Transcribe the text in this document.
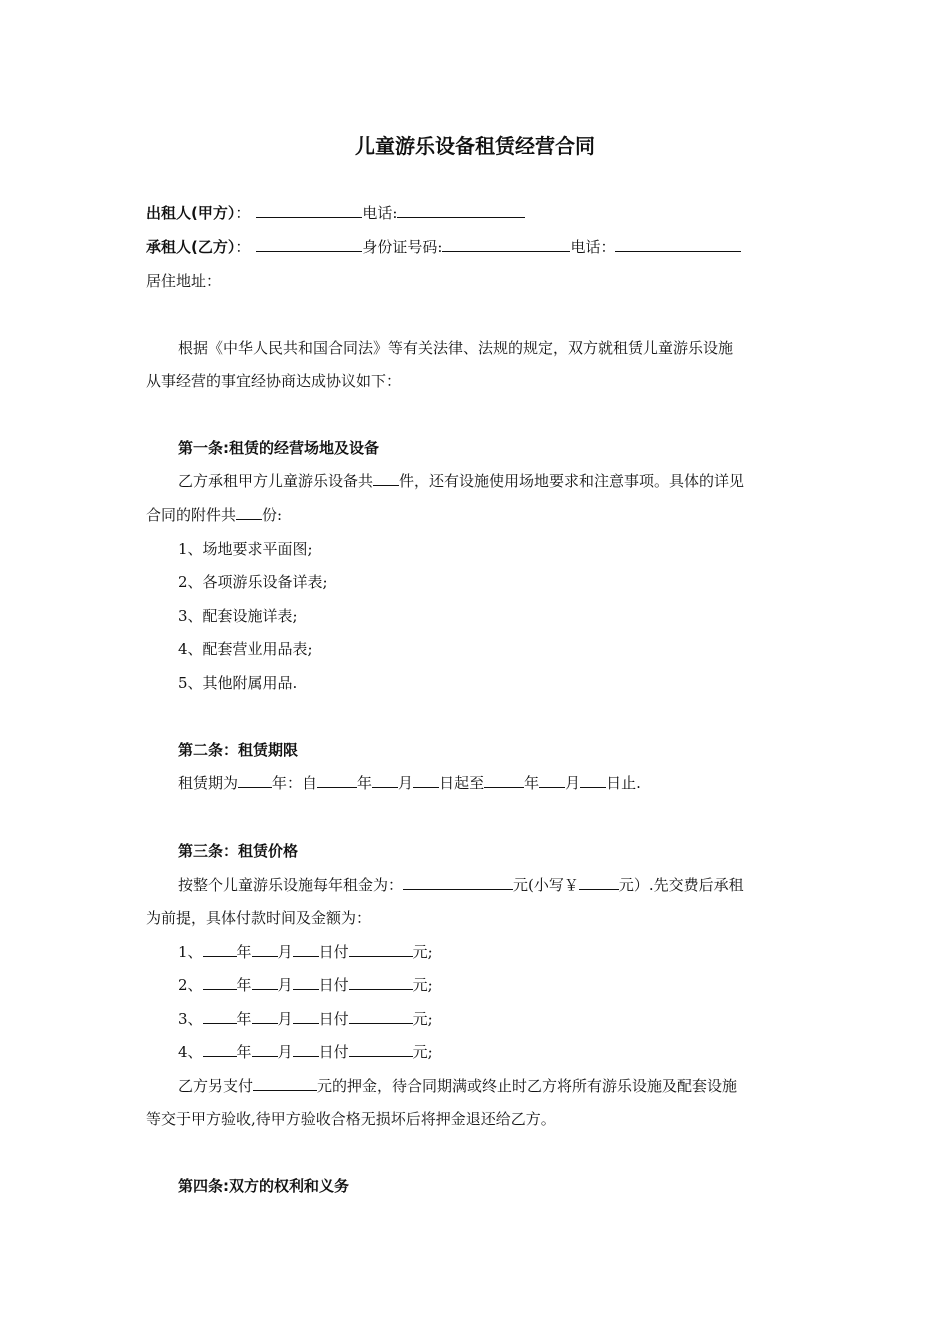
儿童游乐设备租赁经营合同
出租人(甲方）：	电话:
承租人(乙方）：	身份证号码:	电话：
居住地址：
根据《中华人民共和国合同法》等有关法律、法规的规定，双方就租赁儿童游乐设施
从事经营的事宜经协商达成协议如下：
第一条:租赁的经营场地及设备
乙方承租甲方儿童游乐设备共 件，还有设施使用场地要求和注意事项。具体的详见
合同的附件共 份:
1、场地要求平面图;
2、各项游乐设备详表;
3、配套设施详表;
4、配套营业用品表;
5、其他附属用品.
第二条：租赁期限
租赁期为 年：自	年 月 日起至	年 月 日止.
第三条：租赁价格
按整个儿童游乐设施每年租金为：	元(小写￥	元）.先交费后承租
为前提，具体付款时间及金额为：
1、 年 月 日付	元;
2、 年 月 日付	元;
3、 年 月 日付	元;
4、 年 月 日付	元;
乙方另支付	元的押金，待合同期满或终止时乙方将所有游乐设施及配套设施
等交于甲方验收,待甲方验收合格无损坏后将押金退还给乙方。
第四条:双方的权利和义务
